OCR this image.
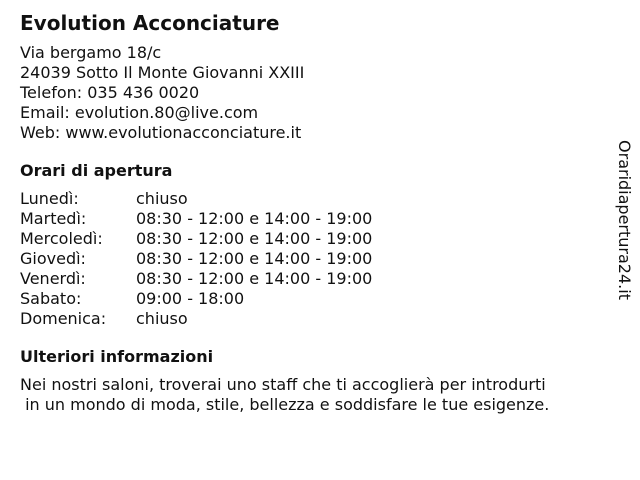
Evolution Acconciature
Via bergamo 18/c
24039 Sotto Il Monte Giovanni XXIII
Telefon: 035 436 0020
Email: evolution.80@live.com
Web: www.evolutionacconciature.it
Orari di apertura
Lunedì:	chiuso
Martedì:	08:30 - 12:00 e 14:00 - 19:00
Mercoledì:	08:30 - 12:00 e 14:00 - 19:00
Giovedì:	08:30 - 12:00 e 14:00 - 19:00
Venerdì:	08:30 - 12:00 e 14:00 - 19:00
Sabato:	09:00 - 18:00
Domenica:	chiuso
Ulteriori informazioni
Nei nostri saloni, troverai uno staff che ti accoglierà per introdurti
in un mondo di moda, stile, bellezza e soddisfare le tue esigenze.
Oraridiapertura24.it
